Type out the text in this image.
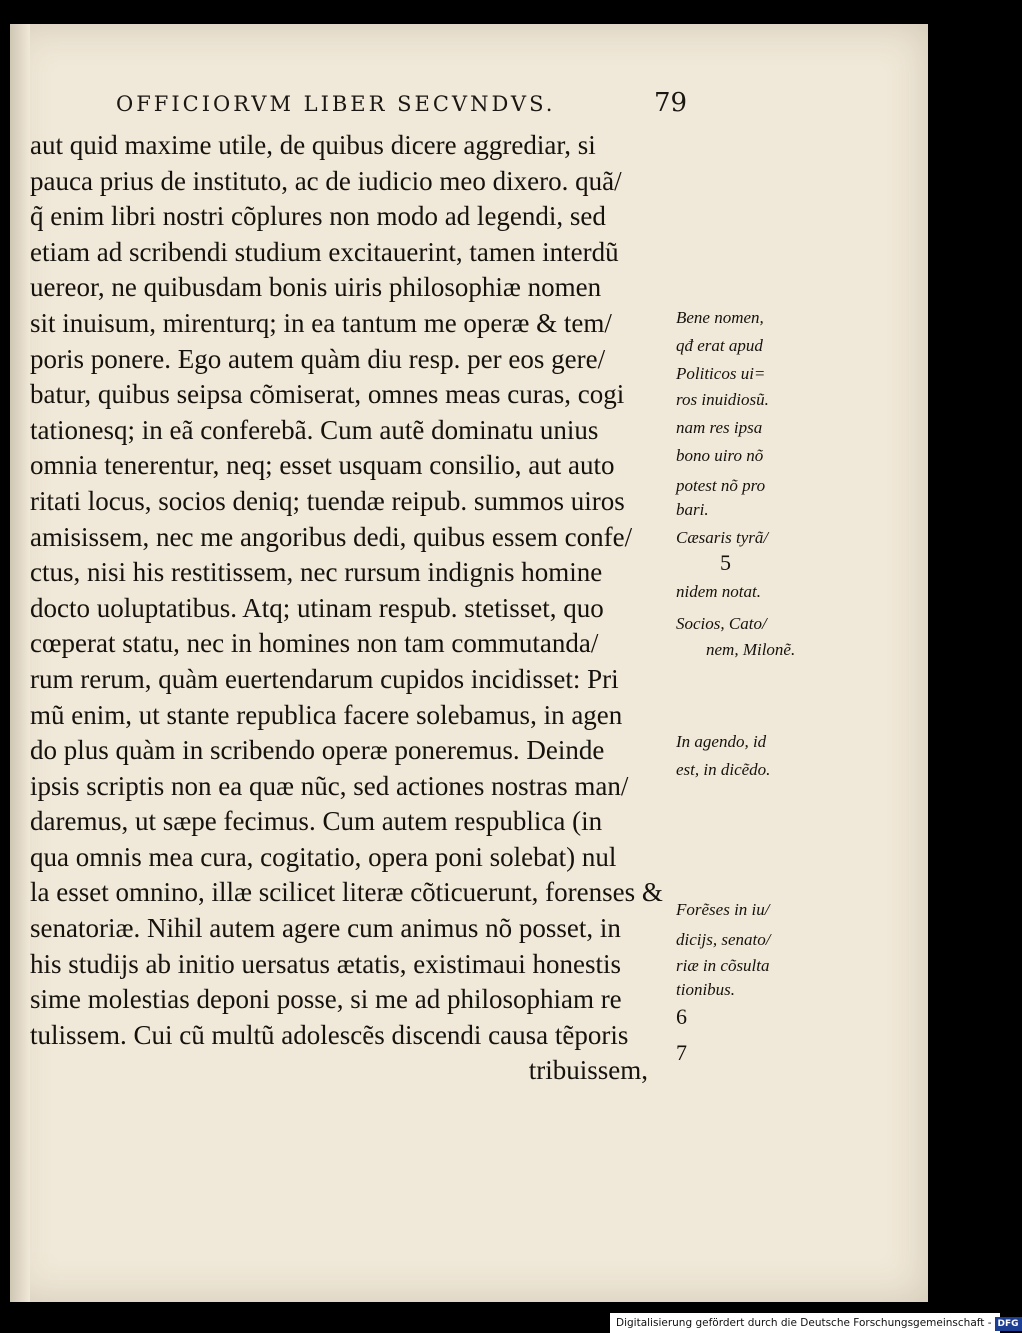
OFFICIORVM LIBER SECVNDVS.	79
aut quid maxime utile, de quibus dicere aggrediar, si
pauca prius de instituto, ac de iudicio meo dixero. quã/
q̃ enim libri nostri cõplures non modo ad legendi, sed
etiam ad scribendi studium excitauerint, tamen interdũ
uereor, ne quibusdam bonis uiris philosophiæ nomen
sit inuisum, mirenturq; in ea tantum me operæ & tem/
poris ponere. Ego autem quàm diu resp. per eos gere/
batur, quibus seipsa cõmiserat, omnes meas curas, cogi
tationesq; in eã conferebã. Cum autẽ dominatu unius
omnia tenerentur, neq; esset usquam consilio, aut auto
ritati locus, socios deniq; tuendæ reipub. summos uiros
amisissem, nec me angoribus dedi, quibus essem confe/
ctus, nisi his restitissem, nec rursum indignis homine
docto uoluptatibus. Atq; utinam respub. stetisset, quo
cœperat statu, nec in homines non tam commutanda/
rum rerum, quàm euertendarum cupidos incidisset: Pri
mũ enim, ut stante republica facere solebamus, in agen
do plus quàm in scribendo operæ poneremus. Deinde
ipsis scriptis non ea quæ nũc, sed actiones nostras man/
daremus, ut sæpe fecimus. Cum autem respublica (in
qua omnis mea cura, cogitatio, opera poni solebat) nul
la esset omnino, illæ scilicet literæ cõticuerunt, forenses &
senatoriæ. Nihil autem agere cum animus nõ posset, in
his studijs ab initio uersatus ætatis, existimaui honestis
sime molestias deponi posse, si me ad philosophiam re
tulissem. Cui cũ multũ adolescẽs discendi causa tẽporis
tribuissem,
Bene nomen,
qđ erat apud
Politicos ui=
ros inuidiosũ.
nam res ipsa
bono uiro nõ
potest nõ pro
bari.
Cæsaris tyrã/
5
nidem notat.
Socios, Cato/
nem, Milonẽ.
In agendo, id
est, in dicẽdo.
Forẽses in iu/
dicijs, senato/
riæ in cõsulta
tionibus.
6
7
Digitalisierung gefördert durch die Deutsche Forschungsgemeinschaft - DFG
